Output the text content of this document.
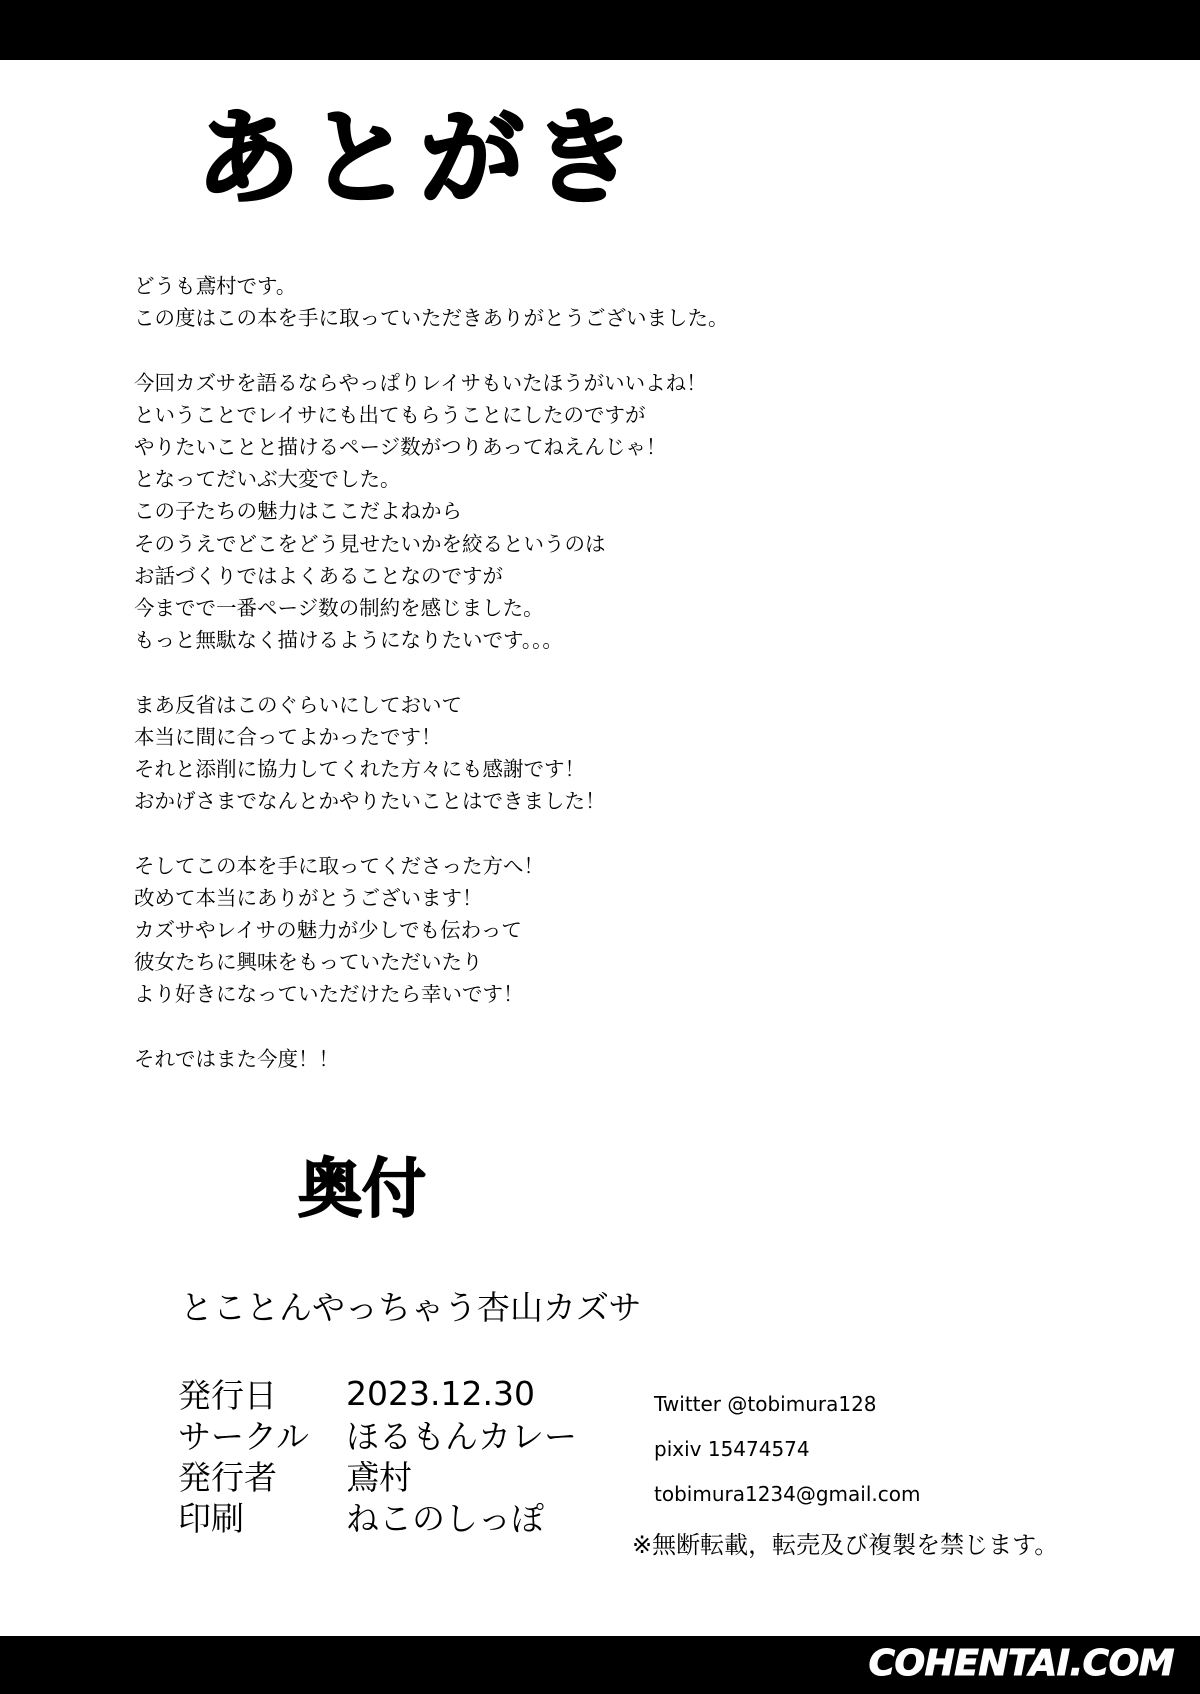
あとがき
どうも鳶村です。
この度はこの本を手に取っていただきありがとうございました。
今回カズサを語るならやっぱりレイサもいたほうがいいよね！
ということでレイサにも出てもらうことにしたのですが
やりたいことと描けるページ数がつりあってねえんじゃ！
となってだいぶ大変でした。
この子たちの魅力はここだよねから
そのうえでどこをどう見せたいかを絞るというのは
お話づくりではよくあることなのですが
今までで一番ページ数の制約を感じました。
もっと無駄なく描けるようになりたいです。。。
まあ反省はこのぐらいにしておいて
本当に間に合ってよかったです！
それと添削に協力してくれた方々にも感謝です！
おかげさまでなんとかやりたいことはできました！
そしてこの本を手に取ってくださった方へ！
改めて本当にありがとうございます！
カズサやレイサの魅力が少しでも伝わって
彼女たちに興味をもっていただいたり
より好きになっていただけたら幸いです！
それではまた今度！！
奥付
とことんやっちゃう杏山カズサ
発行日	2023.12.30
サークル	ほるもんカレー
発行者	鳶村
印刷	ねこのしっぽ
Twitter @tobimura128
pixiv 15474574
tobimura1234@gmail.com
※無断転載，転売及び複製を禁じます。
COHENTAI.COM
